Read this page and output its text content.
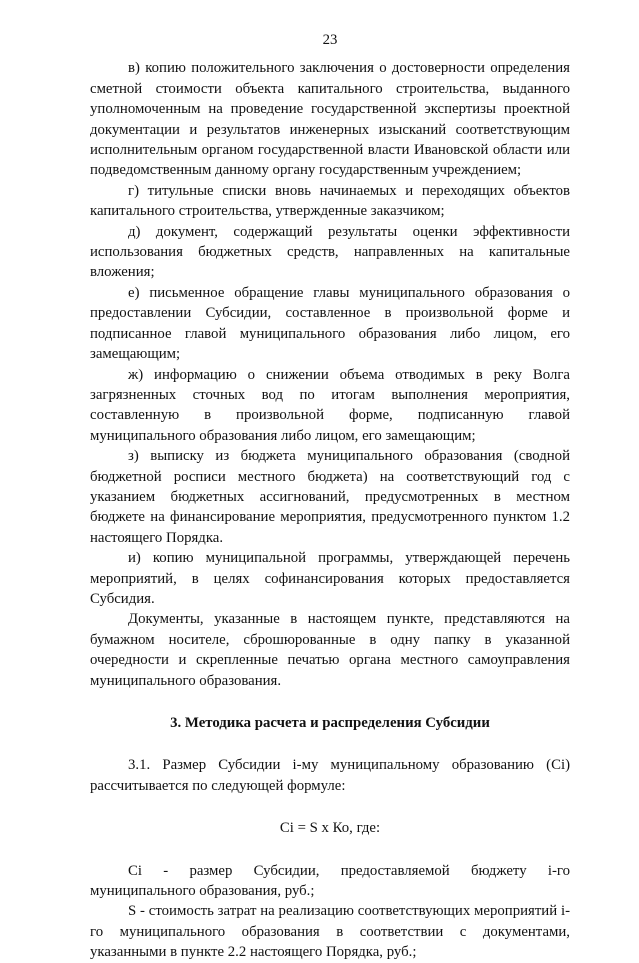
23

в) копию положительного заключения о достоверности определения сметной стоимости объекта капитального строительства, выданного уполномоченным на проведение государственной экспертизы проектной документации и результатов инженерных изысканий соответствующим исполнительным органом государственной власти Ивановской области или подведомственным данному органу государственным учреждением;

г) титульные списки вновь начинаемых и переходящих объектов капитального строительства, утвержденные заказчиком;

д) документ, содержащий результаты оценки эффективности использования бюджетных средств, направленных на капитальные вложения;

е) письменное обращение главы муниципального образования о предоставлении Субсидии, составленное в произвольной форме и подписанное главой муниципального образования либо лицом, его замещающим;

ж) информацию о снижении объема отводимых в реку Волга загрязненных сточных вод по итогам выполнения мероприятия, составленную в произвольной форме, подписанную главой муниципального образования либо лицом, его замещающим;

з) выписку из бюджета муниципального образования (сводной бюджетной росписи местного бюджета) на соответствующий год с указанием бюджетных ассигнований, предусмотренных в местном бюджете на финансирование мероприятия, предусмотренного пунктом 1.2 настоящего Порядка.

и) копию муниципальной программы, утверждающей перечень мероприятий, в целях софинансирования которых предоставляется Субсидия.

Документы, указанные в настоящем пункте, представляются на бумажном носителе, сброшюрованные в одну папку в указанной очередности и скрепленные печатью органа местного самоуправления муниципального образования.

3. Методика расчета и распределения Субсидии

3.1. Размер Субсидии i-му муниципальному образованию (Ci) рассчитывается по следующей формуле:

Ci = S x Ко, где:

Ci - размер Субсидии, предоставляемой бюджету i-го муниципального образования, руб.;

S - стоимость затрат на реализацию соответствующих мероприятий i-го муниципального образования в соответствии с документами, указанными в пункте 2.2 настоящего Порядка, руб.;
